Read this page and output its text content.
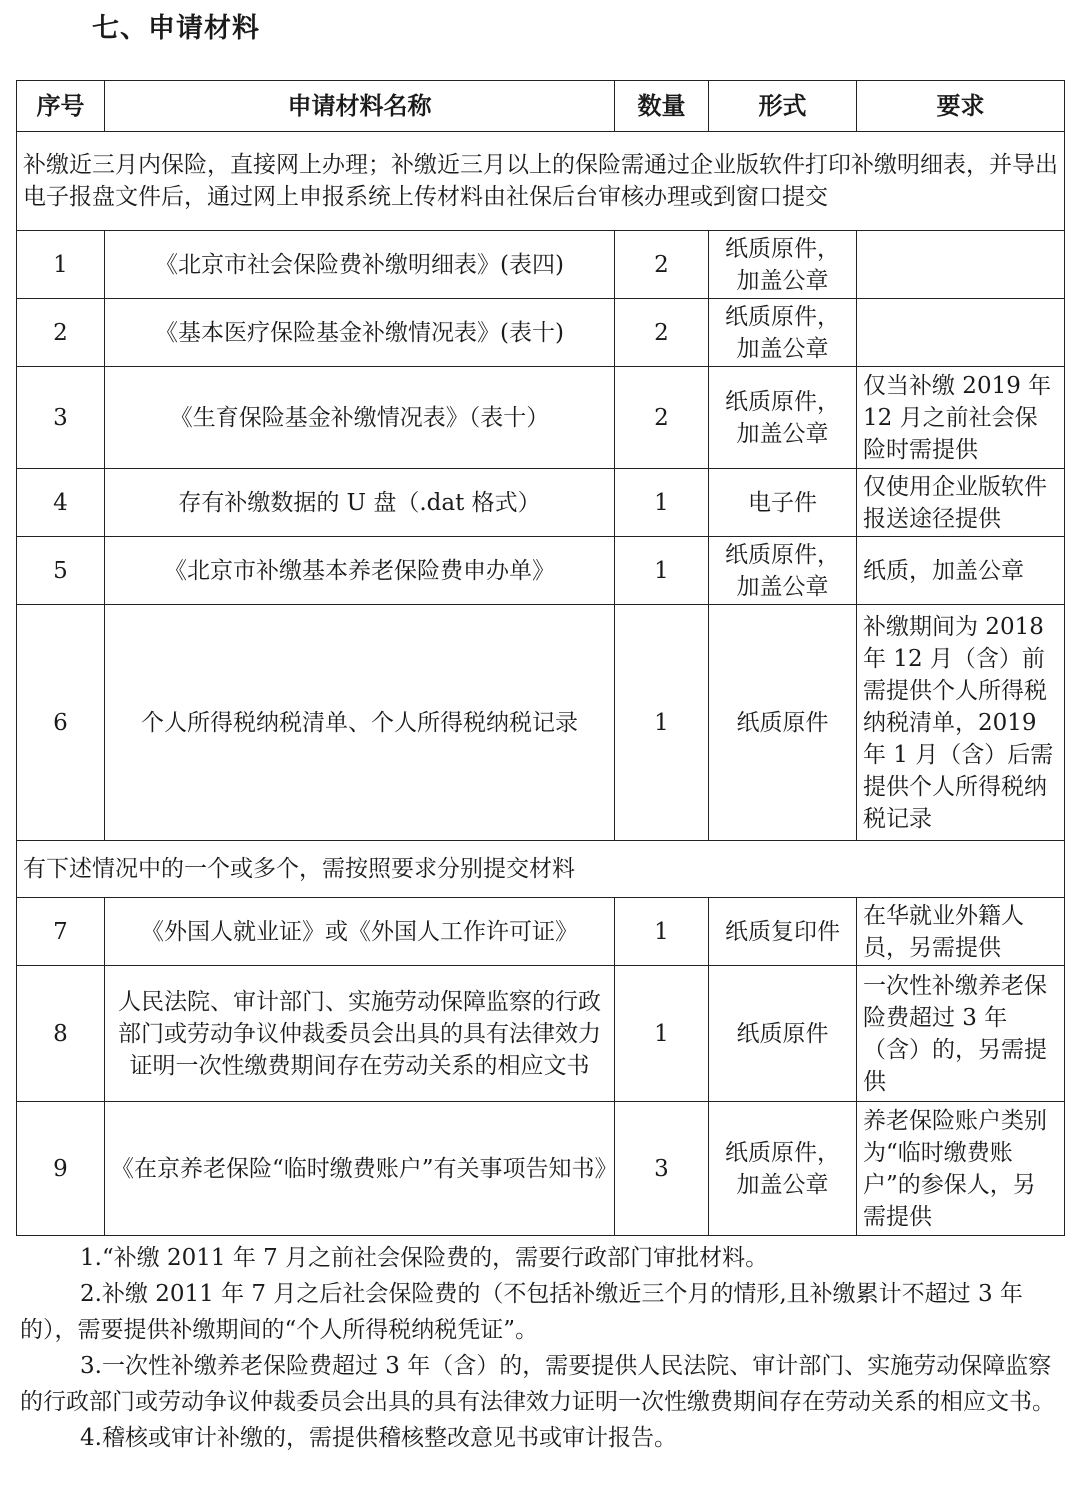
七、申请材料
序号	申请材料名称	数量	形式	要求
补缴近三月内保险，直接网上办理；补缴近三月以上的保险需通过企业版软件打印补缴明细表，并导出电子报盘文件后，通过网上申报系统上传材料由社保后台审核办理或到窗口提交				
1	《北京市社会保险费补缴明细表》(表四)	2	纸质原件，加盖公章	
2	《基本医疗保险基金补缴情况表》(表十)	2	纸质原件，加盖公章	
3	《生育保险基金补缴情况表》（表十）	2	纸质原件，加盖公章	仅当补缴 2019 年 12 月之前社会保险时需提供
4	存有补缴数据的 U 盘（.dat 格式）	1	电子件	仅使用企业版软件报送途径提供
5	《北京市补缴基本养老保险费申办单》	1	纸质原件，加盖公章	纸质，加盖公章
6	个人所得税纳税清单、个人所得税纳税记录	1	纸质原件	补缴期间为 2018 年 12 月（含）前需提供个人所得税纳税清单，2019 年 1 月（含）后需提供个人所得税纳税记录
有下述情况中的一个或多个，需按照要求分别提交材料				
7	《外国人就业证》或《外国人工作许可证》	1	纸质复印件	在华就业外籍人员，另需提供
8	人民法院、审计部门、实施劳动保障监察的行政部门或劳动争议仲裁委员会出具的具有法律效力证明一次性缴费期间存在劳动关系的相应文书	1	纸质原件	一次性补缴养老保险费超过 3 年（含）的，另需提供
9	《在京养老保险“临时缴费账户”有关事项告知书》	3	纸质原件，加盖公章	养老保险账户类别为“临时缴费账户”的参保人，另需提供

1.“补缴 2011 年 7 月之前社会保险费的，需要行政部门审批材料。

2.补缴 2011 年 7 月之后社会保险费的（不包括补缴近三个月的情形,且补缴累计不超过 3 年的），需要提供补缴期间的“个人所得税纳税凭证”。

3.一次性补缴养老保险费超过 3 年（含）的，需要提供人民法院、审计部门、实施劳动保障监察的行政部门或劳动争议仲裁委员会出具的具有法律效力证明一次性缴费期间存在劳动关系的相应文书。

4.稽核或审计补缴的，需提供稽核整改意见书或审计报告。
